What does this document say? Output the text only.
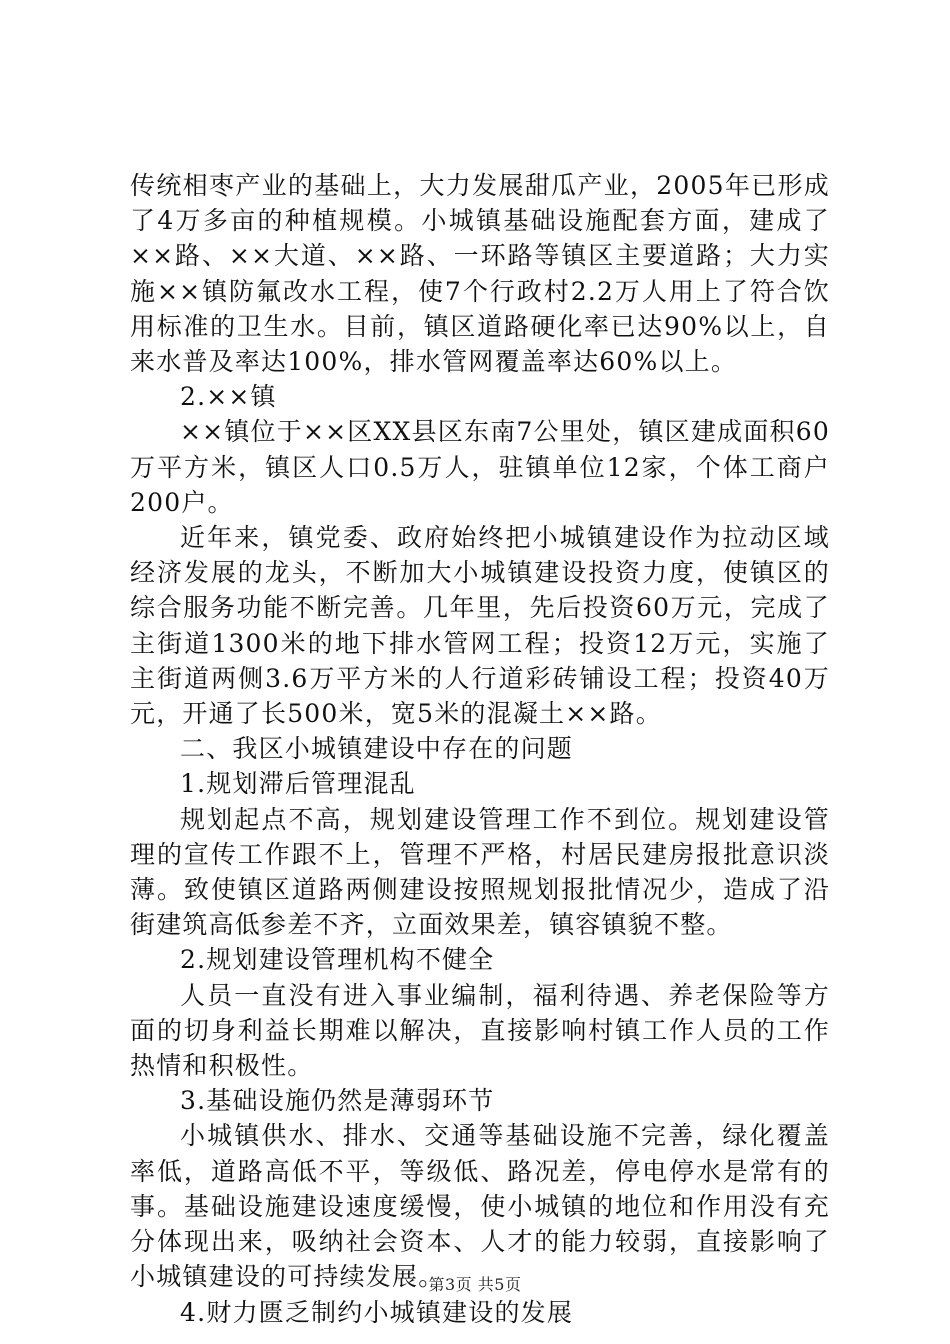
传统相枣产业的基础上，大力发展甜瓜产业，2005年已形成了4万多亩的种植规模。小城镇基础设施配套方面，建成了××路、××大道、××路、一环路等镇区主要道路；大力实施××镇防氟改水工程，使7个行政村2.2万人用上了符合饮用标准的卫生水。目前，镇区道路硬化率已达90%以上，自来水普及率达100%，排水管网覆盖率达60%以上。

2.××镇

××镇位于××区XX县区东南7公里处，镇区建成面积60万平方米，镇区人口0.5万人，驻镇单位12家，个体工商户200户。

近年来，镇党委、政府始终把小城镇建设作为拉动区域经济发展的龙头，不断加大小城镇建设投资力度，使镇区的综合服务功能不断完善。几年里，先后投资60万元，完成了主街道1300米的地下排水管网工程；投资12万元，实施了主街道两侧3.6万平方米的人行道彩砖铺设工程；投资40万元，开通了长500米，宽5米的混凝土××路。

二、我区小城镇建设中存在的问题

1.规划滞后管理混乱

规划起点不高，规划建设管理工作不到位。规划建设管理的宣传工作跟不上，管理不严格，村居民建房报批意识淡薄。致使镇区道路两侧建设按照规划报批情况少，造成了沿街建筑高低参差不齐，立面效果差，镇容镇貌不整。

2.规划建设管理机构不健全

人员一直没有进入事业编制，福利待遇、养老保险等方面的切身利益长期难以解决，直接影响村镇工作人员的工作热情和积极性。

3.基础设施仍然是薄弱环节

小城镇供水、排水、交通等基础设施不完善，绿化覆盖率低，道路高低不平，等级低、路况差，停电停水是常有的事。基础设施建设速度缓慢，使小城镇的地位和作用没有充分体现出来，吸纳社会资本、人才的能力较弱，直接影响了小城镇建设的可持续发展。

4.财力匮乏制约小城镇建设的发展

第3页 共5页
